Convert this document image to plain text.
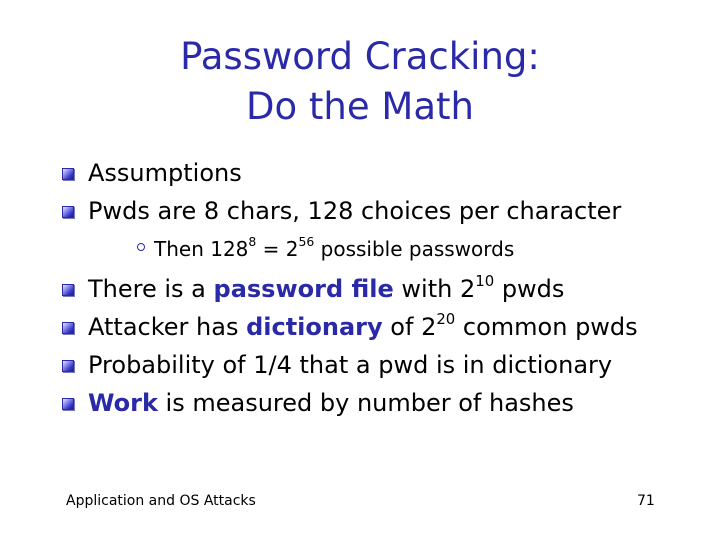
Password Cracking:
Do the Math
Assumptions
Pwds are 8 chars, 128 choices per character
Then $128^8 = 2^{56}$ possible passwords
There is a password file with $2^{10}$ pwds
Attacker has dictionary of $2^{20}$ common pwds
Probability of 1/4 that a pwd is in dictionary
Work is measured by number of hashes
Application and OS Attacks	71
